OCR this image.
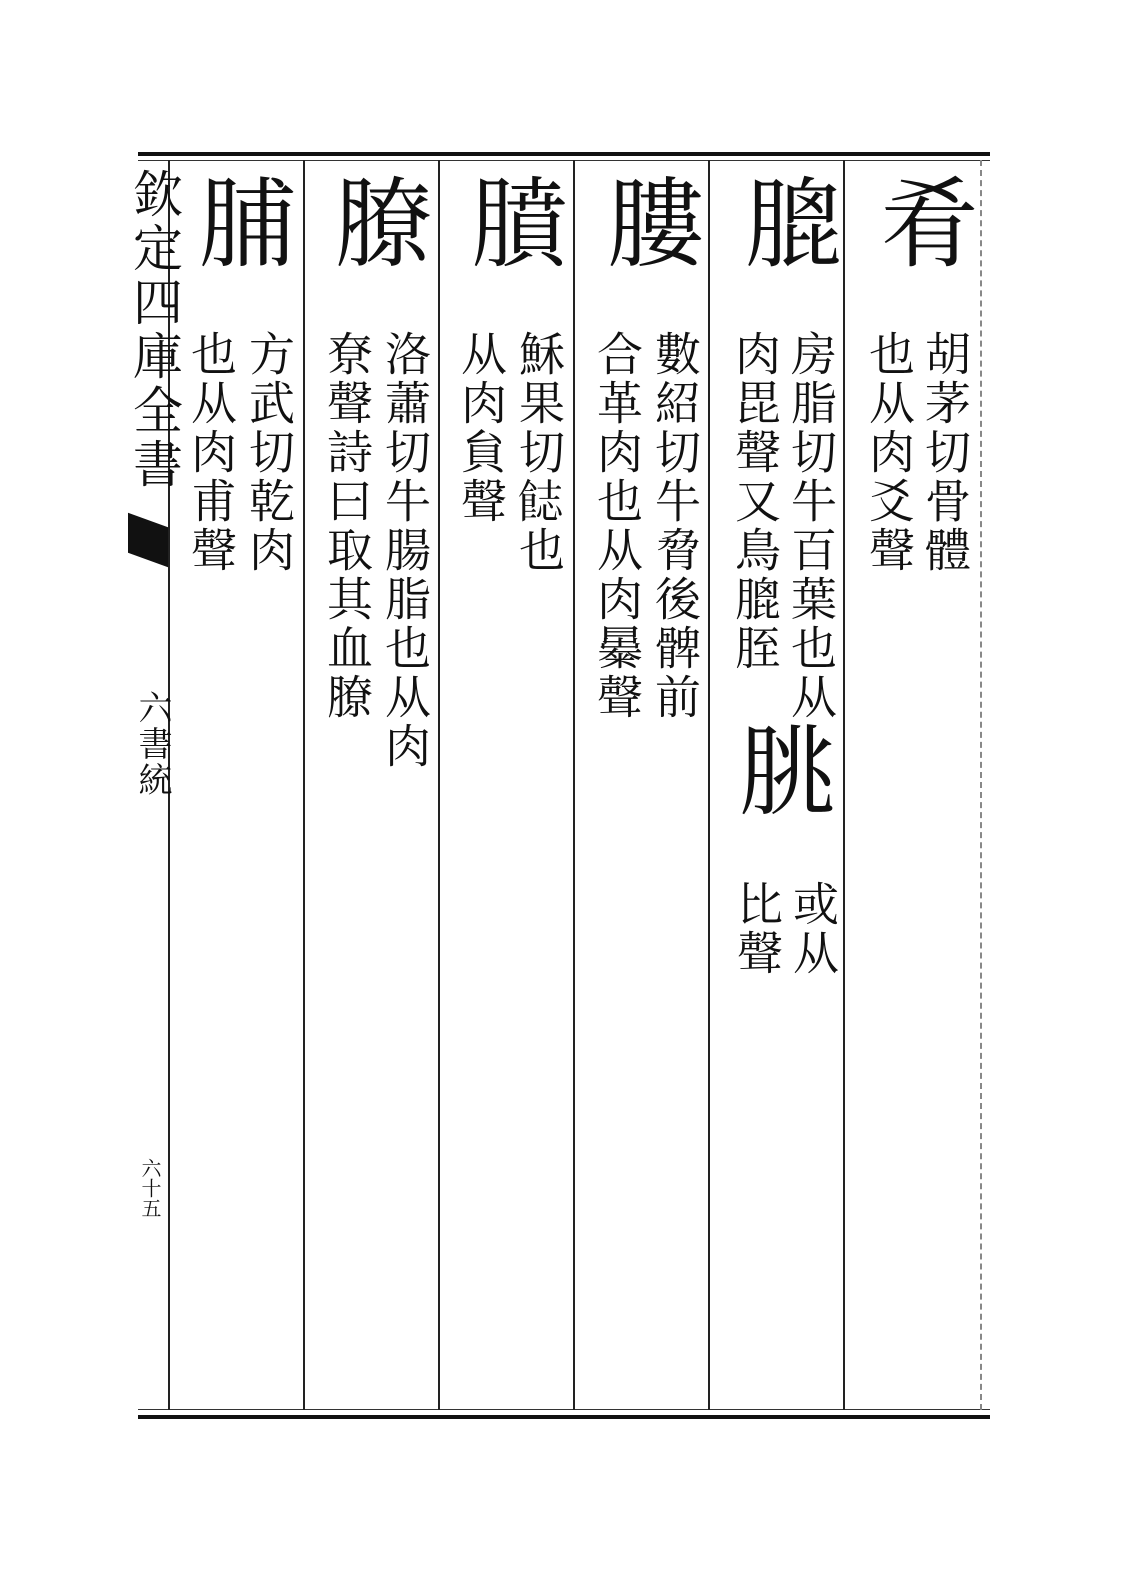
欽定四庫全書
六書統
六十五
肴
胡茅切骨體
也从肉爻聲
膍
房脂切牛百葉也从
肉毘聲又鳥膍胵
朓
或从
比聲
膢
數紹切牛脅後髀前
合革肉也从肉㬥聲
膹
穌果切𩛣也
从肉貟聲
膫
洛蕭切牛腸脂也从肉
尞聲詩曰取其血膫
脯
方武切乾肉
也从肉甫聲
